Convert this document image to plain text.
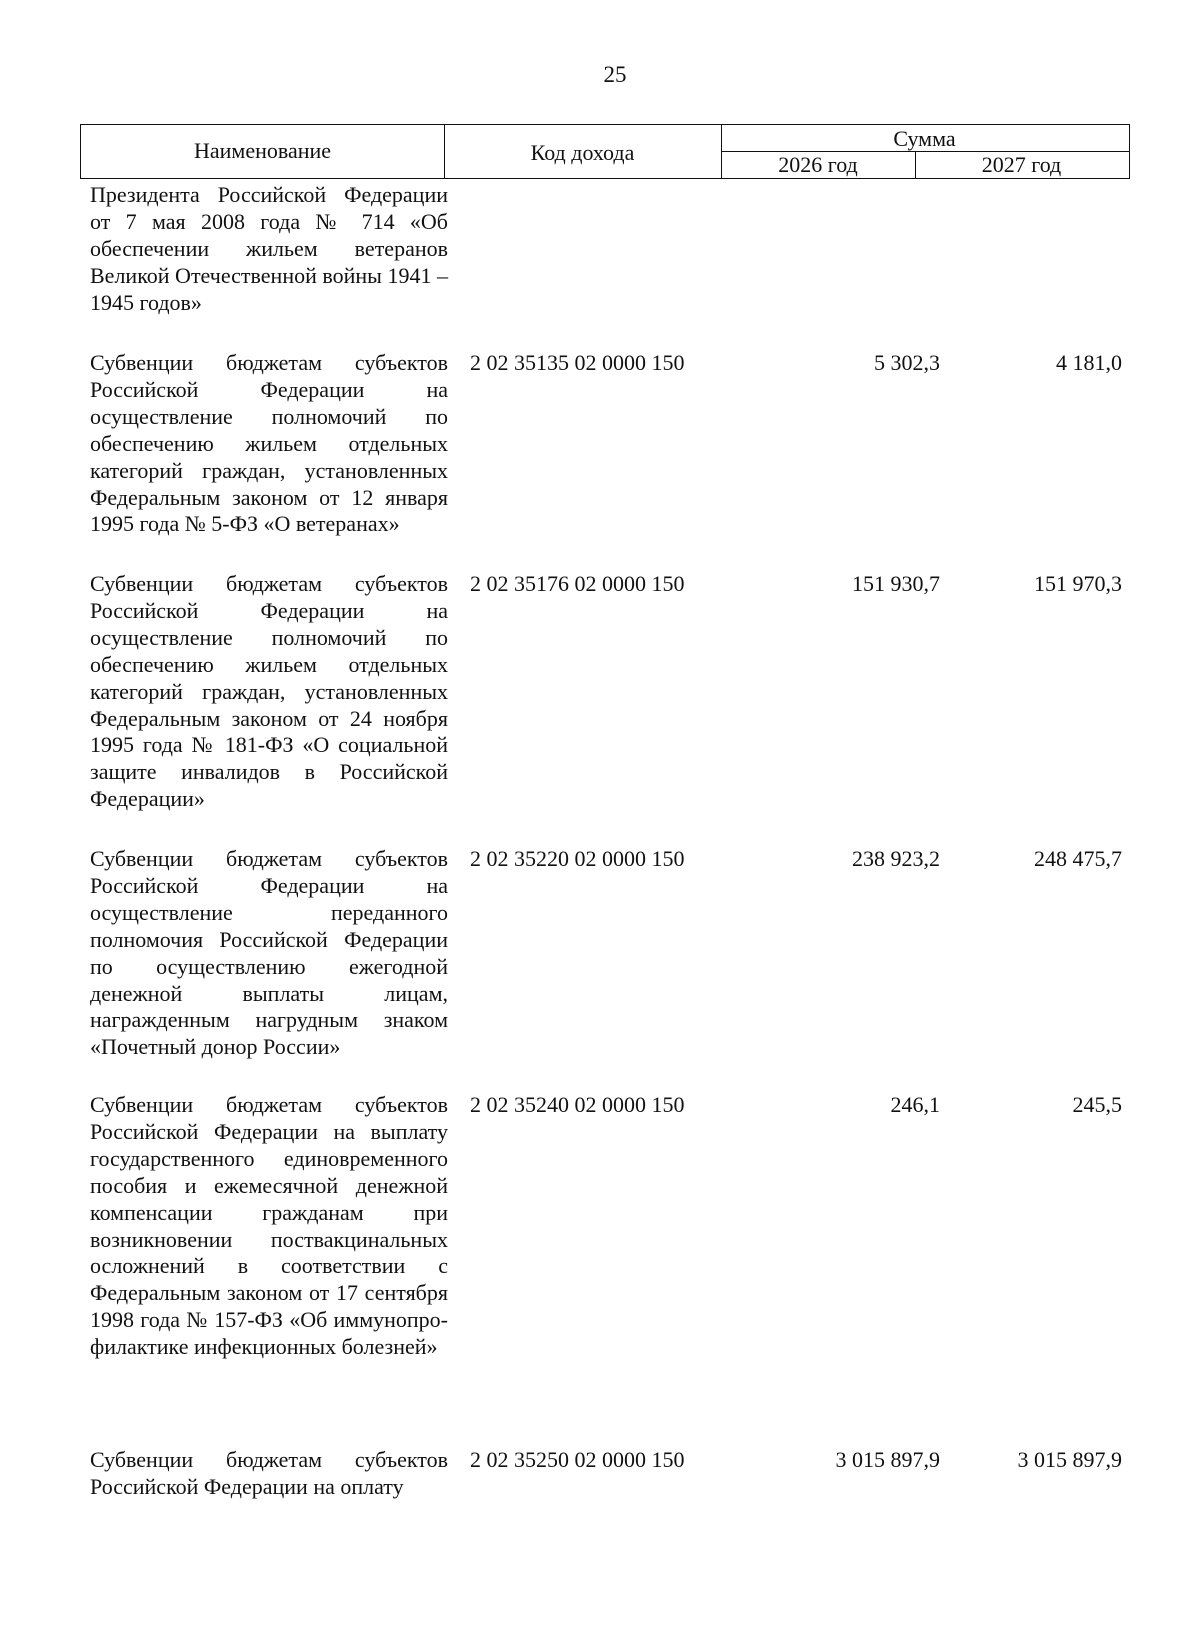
25
Наименование	Код дохода
Сумма
2026 год	2027 год
Президента Российской Федерации от 7 мая 2008 года № 714 «Об обеспечении жильем ветеранов Великой Отечественной войны 1941 – 1945 годов»
Субвенции бюджетам субъектов Российской Федерации на осуществление полномочий по обеспечению жильем отдельных категорий граждан, установленных Федеральным законом от 12 января 1995 года № 5-ФЗ «О ветеранах»
2 02 35135 02 0000 150	5 302,3	4 181,0
Субвенции бюджетам субъектов Российской Федерации на осуществление полномочий по обеспечению жильем отдельных категорий граждан, установленных Федеральным законом от 24 ноября 1995 года № 181-ФЗ «О социальной защите инвалидов в Российской Федерации»
2 02 35176 02 0000 150	151 930,7	151 970,3
Субвенции бюджетам субъектов Российской Федерации на осуществление переданного полномочия Российской Федерации по осуществлению ежегодной денежной выплаты лицам, награжденным нагрудным знаком «Почетный донор России»
2 02 35220 02 0000 150	238 923,2	248 475,7
Субвенции бюджетам субъектов Российской Федерации на выплату государственного единовременного пособия и ежемесячной денежной компенсации гражданам при возникновении поствакцинальных осложнений в соответствии с Федеральным законом от 17 сентября 1998 года № 157-ФЗ «Об иммунопрофилактике инфекционных болезней»
2 02 35240 02 0000 150	246,1	245,5
Субвенции бюджетам субъектов Российской Федерации на оплату
2 02 35250 02 0000 150	3 015 897,9	3 015 897,9
